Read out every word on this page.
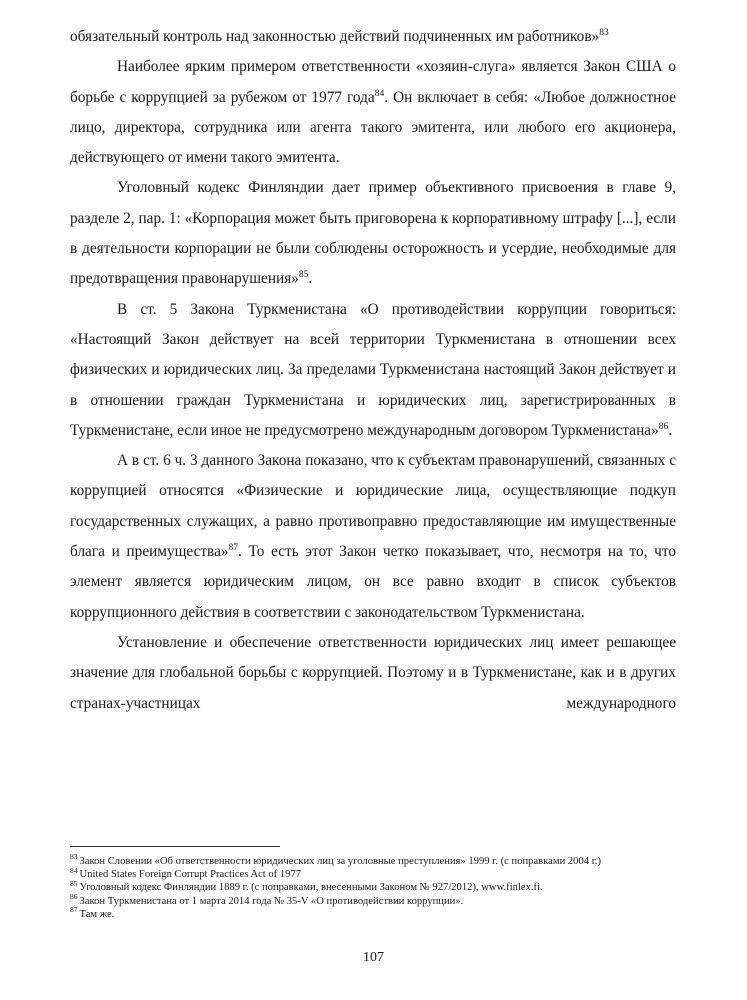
обязательный контроль над законностью действий подчиненных им работников»$^{83}$

Наиболее ярким примером ответственности «хозяин-слуга» является Закон США о борьбе с коррупцией за рубежом от 1977 года$^{84}$. Он включает в себя: «Любое должностное лицо, директора, сотрудника или агента такого эмитента, или любого его акционера, действующего от имени такого эмитента.

Уголовный кодекс Финляндии дает пример объективного присвоения в главе 9, разделе 2, пар. 1: «Корпорация может быть приговорена к корпоративному штрафу [...], если в деятельности корпорации не были соблюдены осторожность и усердие, необходимые для предотвращения правонарушения»$^{85}$.

В ст. 5 Закона Туркменистана «О противодействии коррупции говориться: «Настоящий Закон действует на всей территории Туркменистана в отношении всех физических и юридических лиц. За пределами Туркменистана настоящий Закон действует и в отношении граждан Туркменистана и юридических лиц, зарегистрированных в Туркменистане, если иное не предусмотрено международным договором Туркменистана»$^{86}$.

А в ст. 6 ч. 3 данного Закона показано, что к субъектам правонарушений, связанных с коррупцией относятся «Физические и юридические лица, осуществляющие подкуп государственных служащих, а равно противоправно предоставляющие им имущественные блага и преимущества»$^{87}$. То есть этот Закон четко показывает, что, несмотря на то, что элемент является юридическим лицом, он все равно входит в список субъектов коррупционного действия в соответствии с законодательством Туркменистана.

Установление и обеспечение ответственности юридических лиц имеет решающее значение для глобальной борьбы с коррупцией. Поэтому и в Туркменистане, как и в других странах-участницах международного

$^{83}$ Закон Словении «Об ответственности юридических лиц за уголовные преступления» 1999 г. (с поправками 2004 г.)

$^{84}$ United States Foreign Corrupt Practices Act of 1977

$^{85}$ Уголовный кодекс Финляндии 1889 г. (с поправками, внесенными Законом № 927/2012), www.finlex.fi.

$^{86}$ Закон Туркменистана от 1 марта 2014 года № 35-V «О противодействии коррупции».

$^{87}$ Там же.

107
